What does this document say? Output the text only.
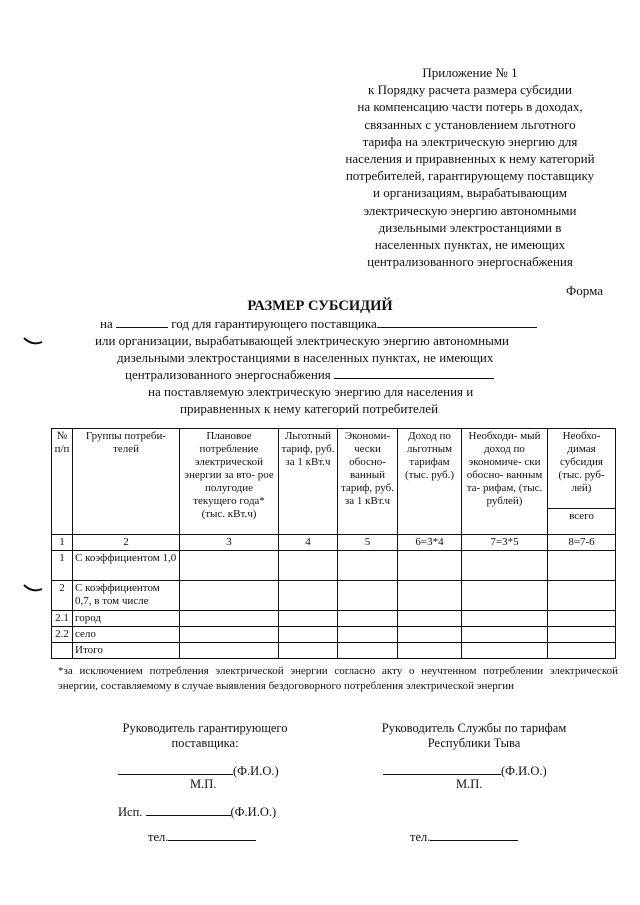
Приложение № 1
к Порядку расчета размера субсидии
на компенсацию части потерь в доходах,
связанных с установлением льготного
тарифа на электрическую энергию для
населения и приравненных к нему категорий
потребителей, гарантирующему поставщику
и организациям, вырабатывающим
электрическую энергию автономными
дизельными электростанциями в
населенных пунктах, не имеющих
централизованного энергоснабжения
Форма
РАЗМЕР СУБСИДИЙ
на	год для гарантирующего поставщика
или организации, вырабатывающей электрическую энергию автономными
дизельными электростанциями в населенных пунктах, не имеющих
централизованного энергоснабжения
на поставляемую электрическую энергию для населения и
приравненных к нему категорий потребителей
№ п/п	Группы потреби- телей	Плановое потребление электрической энергии за вто- рое полугодие текущего года* (тыс. кВт.ч)	Льготный тариф, руб. за 1 кВт.ч	Экономи- чески обосно- ванный тариф, руб. за 1 кВт.ч	Доход по льготным тарифам (тыс. руб.)	Необходи- мый доход по экономиче- ски обосно- ванным та- рифам, (тыс. рублей)	Необхо- димая субсидия (тыс. руб- лей)
							всего
1	2	3	4	5	6=3*4	7=3*5	8=7-6
1	С коэффициентом 1,0						
2	С коэффициентом 0,7, в том числе						
2.1	город						
2.2	село						
	Итого						
*за исключением потребления электрической энергии согласно акту о неучтенном потреблении электрической энергии, составляемому в случае выявления бездоговорного потребления электрической энергии
Руководитель гарантирующего
поставщика:
Руководитель Службы по тарифам
Республики Тыва
(Ф.И.О.)
М.П.
(Ф.И.О.)
М.П.
Исп.	(Ф.И.О.)
тел.	тел.
